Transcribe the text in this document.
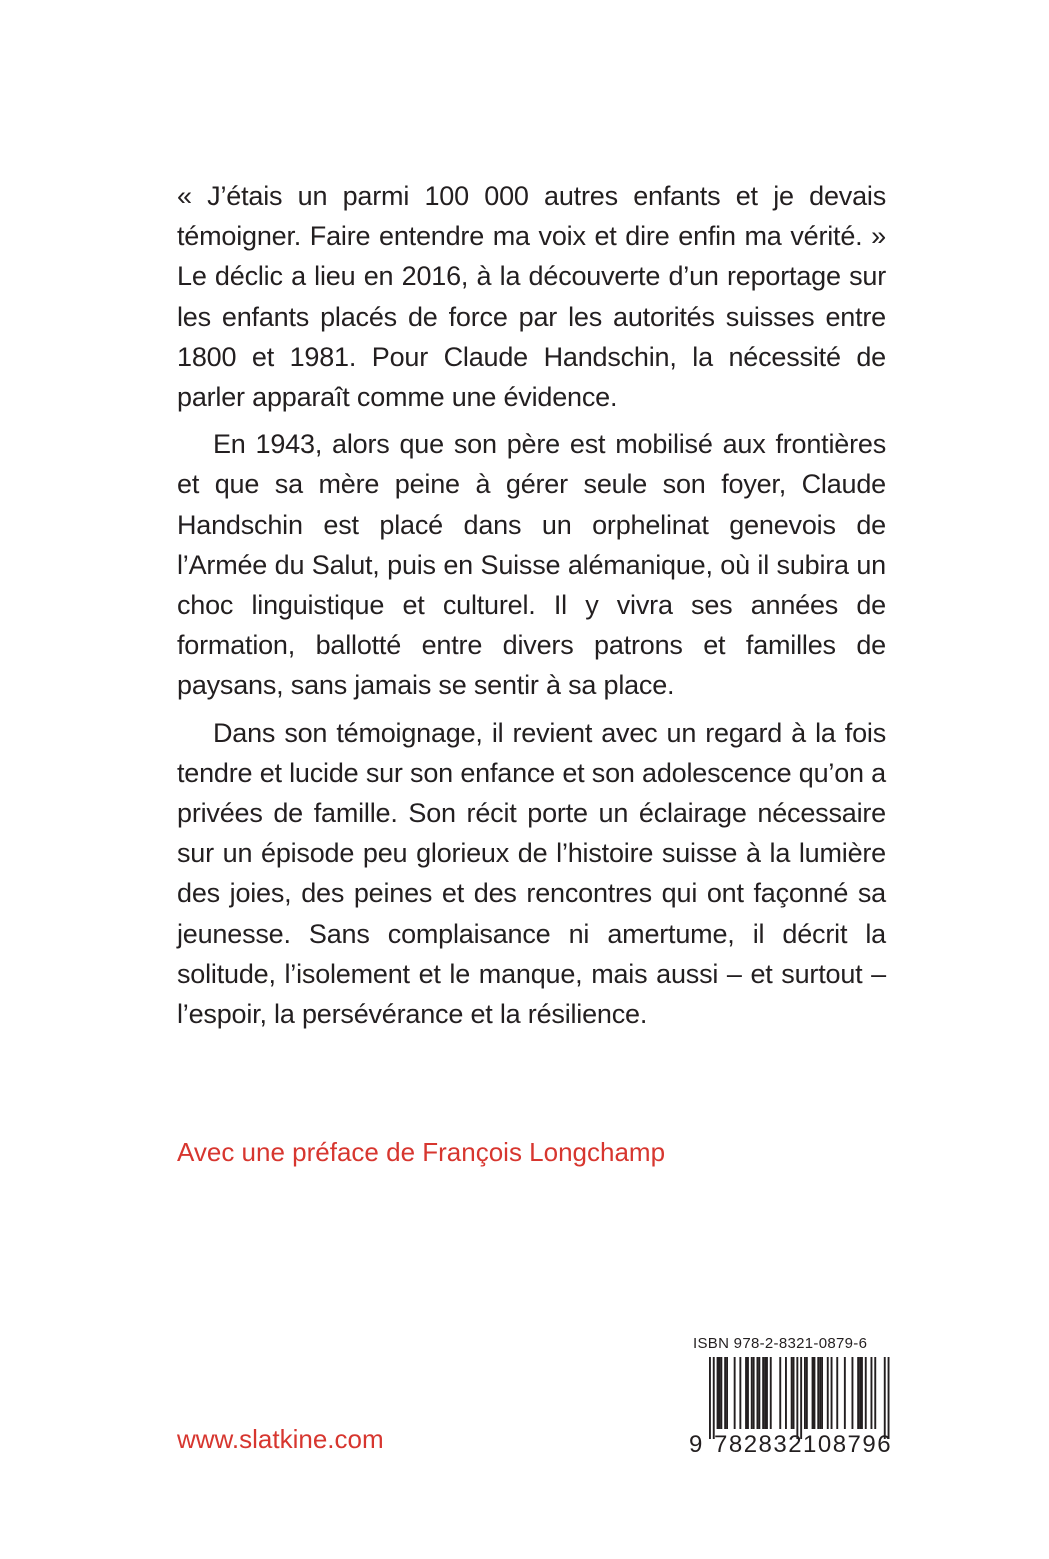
« J’étais un parmi 100 000 autres enfants et je devais témoigner. Faire entendre ma voix et dire enfin ma vérité. » Le déclic a lieu en 2016, à la découverte d’un reportage sur les enfants placés de force par les autorités suisses entre 1800 et 1981. Pour Claude Handschin, la nécessité de parler apparaît comme une évidence.

En 1943, alors que son père est mobilisé aux frontières et que sa mère peine à gérer seule son foyer, Claude Handschin est placé dans un orphelinat genevois de l’Armée du Salut, puis en Suisse alémanique, où il subira un choc linguistique et culturel. Il y vivra ses années de formation, ballotté entre divers patrons et familles de paysans, sans jamais se sentir à sa place.

Dans son témoignage, il revient avec un regard à la fois tendre et lucide sur son enfance et son adolescence qu’on a privées de famille. Son récit porte un éclairage nécessaire sur un épisode peu glorieux de l’histoire suisse à la lumière des joies, des peines et des rencontres qui ont façonné sa jeunesse. Sans complaisance ni amertume, il décrit la solitude, l’isolement et le manque, mais aussi – et surtout – l’espoir, la persévérance et la résilience.

Avec une préface de François Longchamp
www.slatkine.com
ISBN 978-2-8321-0879-6
9 782832 108796
